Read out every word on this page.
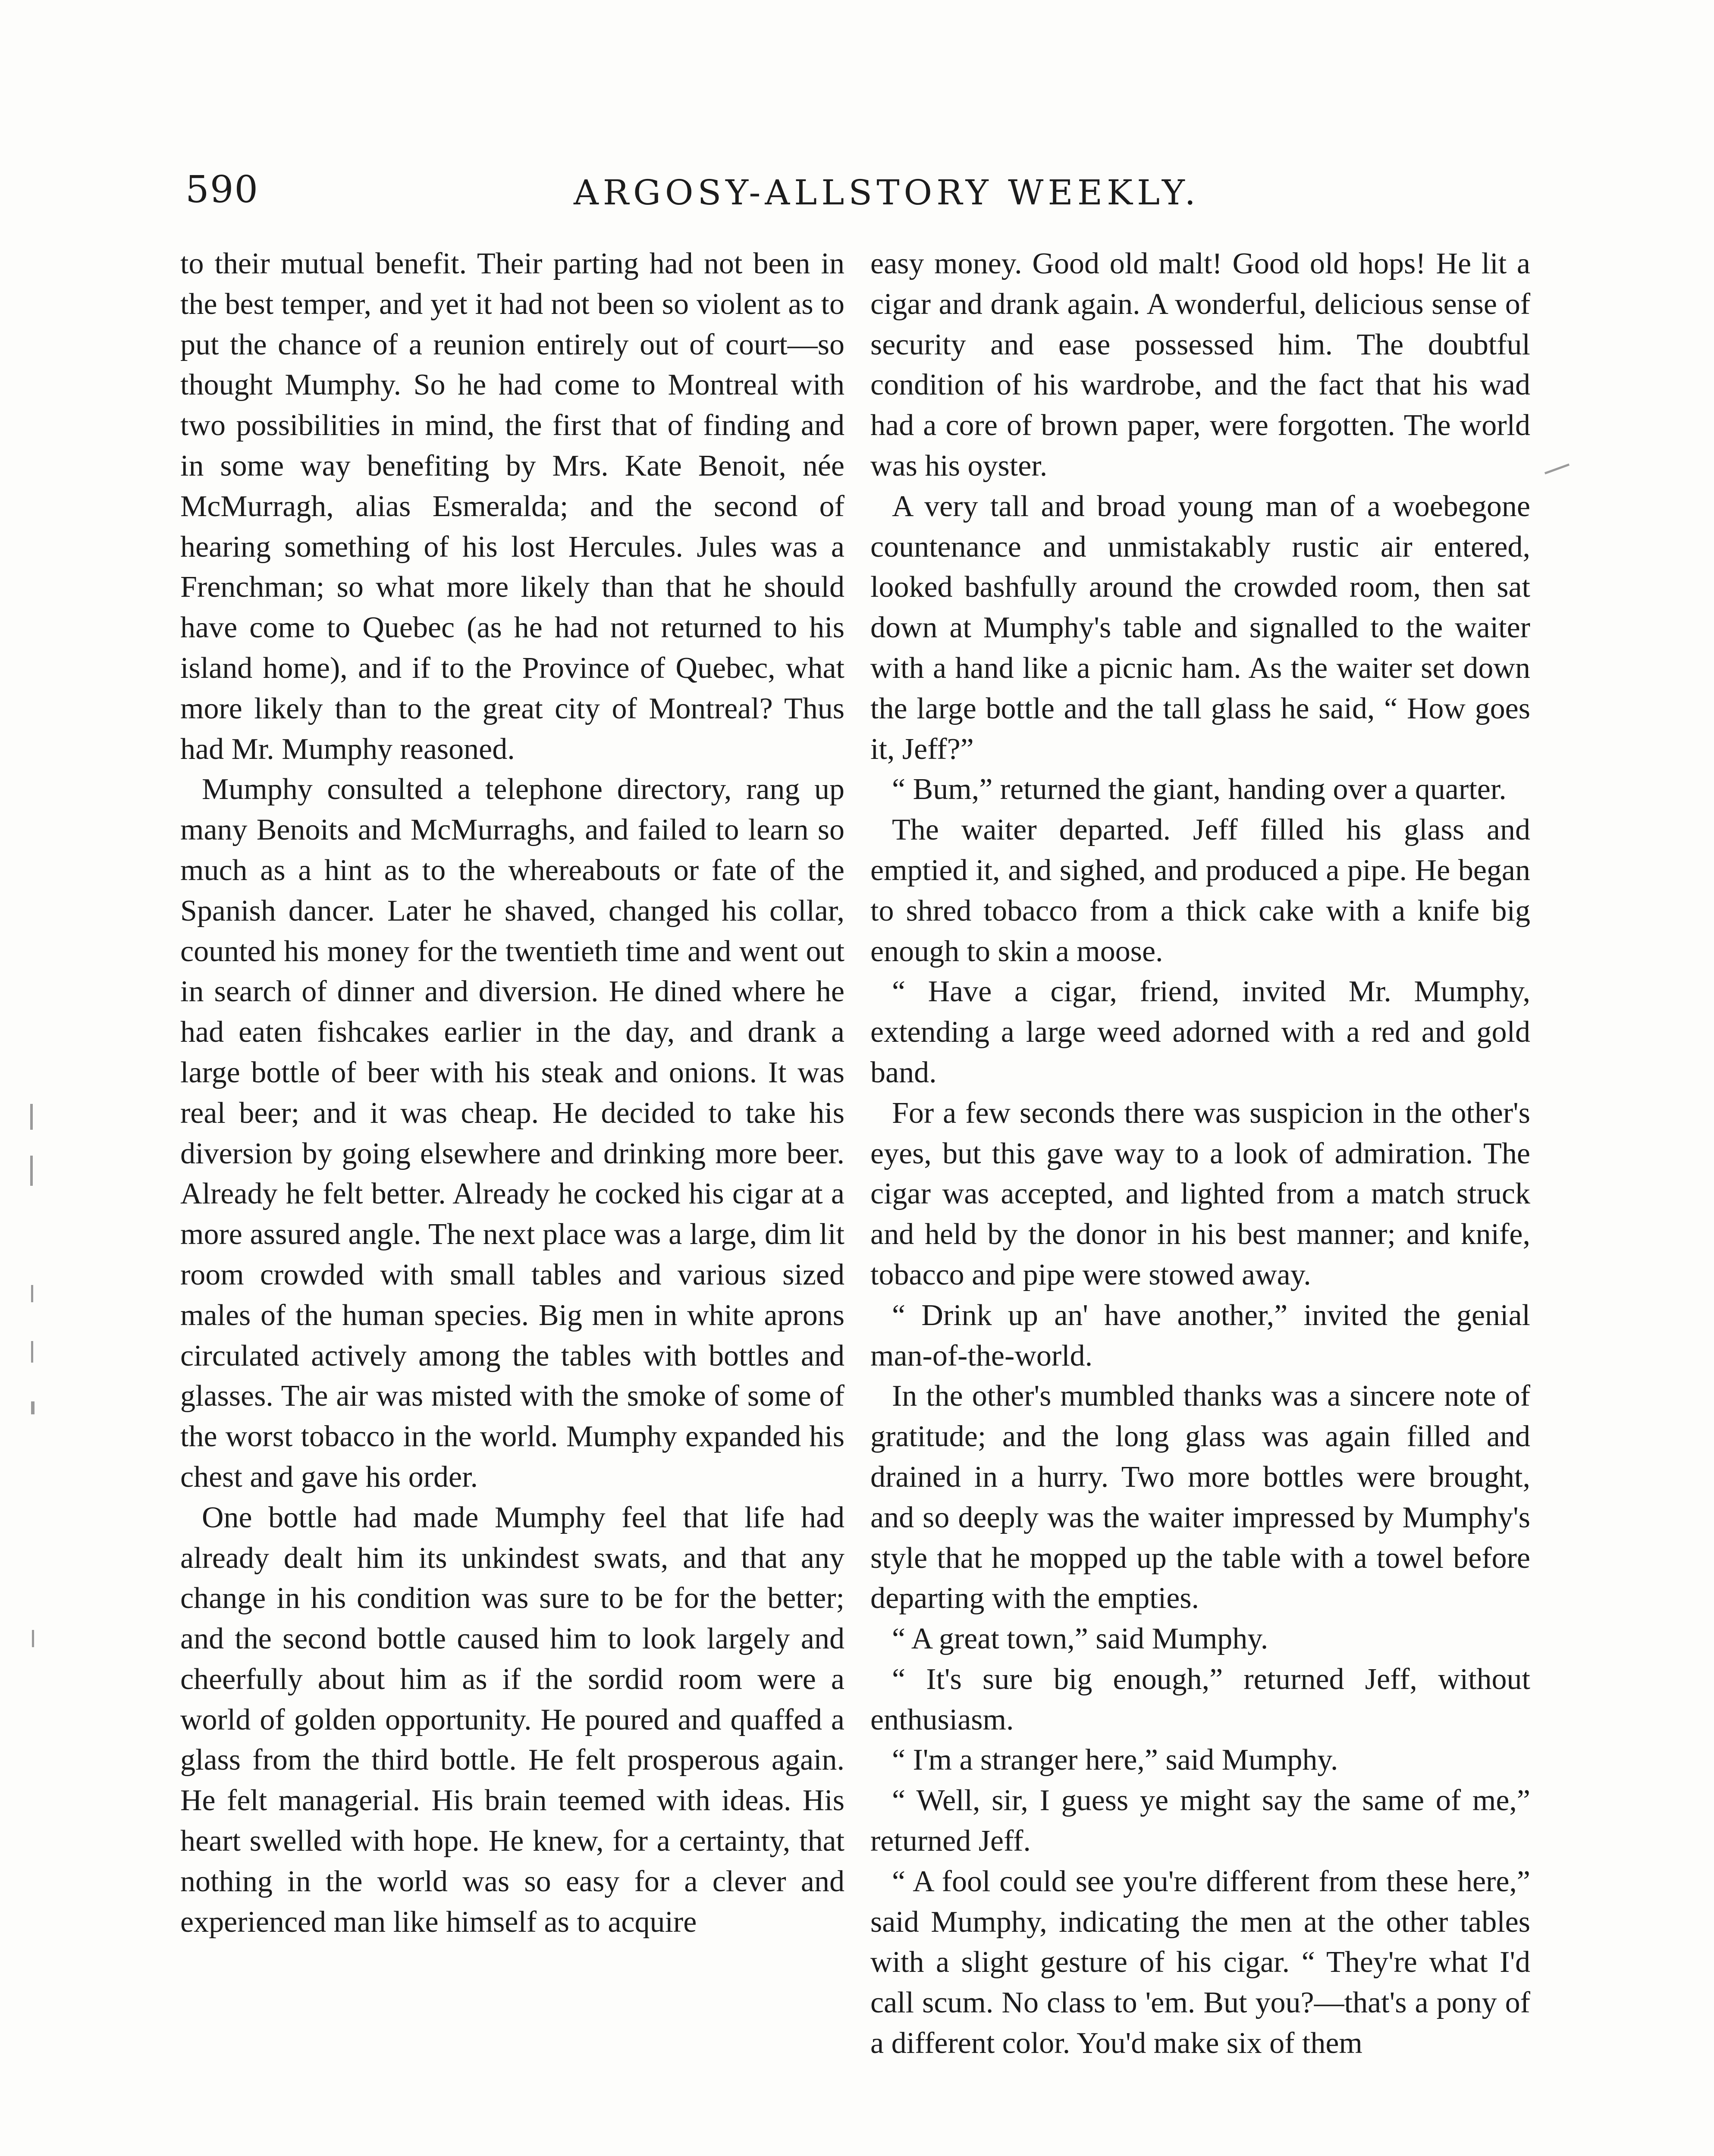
590	ARGOSY-ALLSTORY WEEKLY.

to their mutual benefit. Their parting had not been in the best temper, and yet it had not been so violent as to put the chance of a reunion entirely out of court—so thought Mumphy. So he had come to Montreal with two possibilities in mind, the first that of finding and in some way benefiting by Mrs. Kate Benoit, née McMurragh, alias Esmeralda; and the second of hearing something of his lost Hercules. Jules was a Frenchman; so what more likely than that he should have come to Quebec (as he had not returned to his island home), and if to the Province of Quebec, what more likely than to the great city of Montreal? Thus had Mr. Mumphy reasoned.

Mumphy consulted a telephone directory, rang up many Benoits and McMurraghs, and failed to learn so much as a hint as to the whereabouts or fate of the Spanish dancer. Later he shaved, changed his collar, counted his money for the twentieth time and went out in search of dinner and diversion. He dined where he had eaten fishcakes earlier in the day, and drank a large bottle of beer with his steak and onions. It was real beer; and it was cheap. He decided to take his diversion by going elsewhere and drinking more beer. Already he felt better. Already he cocked his cigar at a more assured angle. The next place was a large, dim lit room crowded with small tables and various sized males of the human species. Big men in white aprons circulated actively among the tables with bottles and glasses. The air was misted with the smoke of some of the worst tobacco in the world. Mumphy expanded his chest and gave his order.

One bottle had made Mumphy feel that life had already dealt him its unkindest swats, and that any change in his condition was sure to be for the better; and the second bottle caused him to look largely and cheerfully about him as if the sordid room were a world of golden opportunity. He poured and quaffed a glass from the third bottle. He felt prosperous again. He felt managerial. His brain teemed with ideas. His heart swelled with hope. He knew, for a certainty, that nothing in the world was so easy for a clever and experienced man like himself as to acquire

easy money. Good old malt! Good old hops! He lit a cigar and drank again. A wonderful, delicious sense of security and ease possessed him. The doubtful condition of his wardrobe, and the fact that his wad had a core of brown paper, were forgotten. The world was his oyster.

A very tall and broad young man of a woebegone countenance and unmistakably rustic air entered, looked bashfully around the crowded room, then sat down at Mumphy's table and signalled to the waiter with a hand like a picnic ham. As the waiter set down the large bottle and the tall glass he said, “ How goes it, Jeff?”

“ Bum,” returned the giant, handing over a quarter.

The waiter departed. Jeff filled his glass and emptied it, and sighed, and produced a pipe. He began to shred tobacco from a thick cake with a knife big enough to skin a moose.

“ Have a cigar, friend, invited Mr. Mumphy, extending a large weed adorned with a red and gold band.

For a few seconds there was suspicion in the other's eyes, but this gave way to a look of admiration. The cigar was accepted, and lighted from a match struck and held by the donor in his best manner; and knife, tobacco and pipe were stowed away.

“ Drink up an' have another,” invited the genial man-of-the-world.

In the other's mumbled thanks was a sincere note of gratitude; and the long glass was again filled and drained in a hurry. Two more bottles were brought, and so deeply was the waiter impressed by Mumphy's style that he mopped up the table with a towel before departing with the empties.

“ A great town,” said Mumphy.

“ It's sure big enough,” returned Jeff, without enthusiasm.

“ I'm a stranger here,” said Mumphy.

“ Well, sir, I guess ye might say the same of me,” returned Jeff.

“ A fool could see you're different from these here,” said Mumphy, indicating the men at the other tables with a slight gesture of his cigar. “ They're what I'd call scum. No class to 'em. But you?—that's a pony of a different color. You'd make six of them
